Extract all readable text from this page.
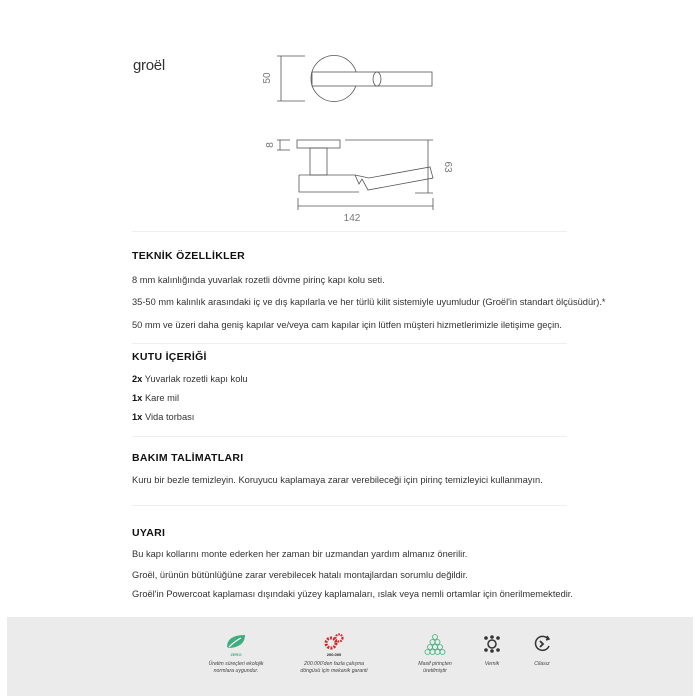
groël
50
8
63
142
TEKNİK ÖZELLİKLER
8 mm kalınlığında yuvarlak rozetli dövme pirinç kapı kolu seti.
35-50 mm kalınlık arasındaki iç ve dış kapılarla ve her türlü kilit sistemiyle uyumludur (Groël'in standart ölçüsüdür).*
50 mm ve üzeri daha geniş kapılar ve/veya cam kapılar için lütfen müşteri hizmetlerimizle iletişime geçin.
KUTU İÇERİĞİ
2x Yuvarlak rozetli kapı kolu
1x Kare mil
1x Vida torbası
BAKIM TALİMATLARI
Kuru bir bezle temizleyin. Koruyucu kaplamaya zarar verebileceği için pirinç temizleyici kullanmayın.
UYARI
Bu kapı kollarını monte ederken her zaman bir uzmandan yardım almanız önerilir.
Groël, ürünün bütünlüğüne zarar verebilecek hatalı montajlardan sorumlu değildir.
Groël'in Powercoat kaplaması dışındaki yüzey kaplamaları, ıslak veya nemli ortamlar için önerilmemektedir.
ZERO
Üretim süreçleri ekolojik
normlara uygundur.
200.000
200.000'den fazla çalışma
döngüsü için mekanik garanti
Masif pirinçten
üretilmiştir
Vernik	Cilasız
